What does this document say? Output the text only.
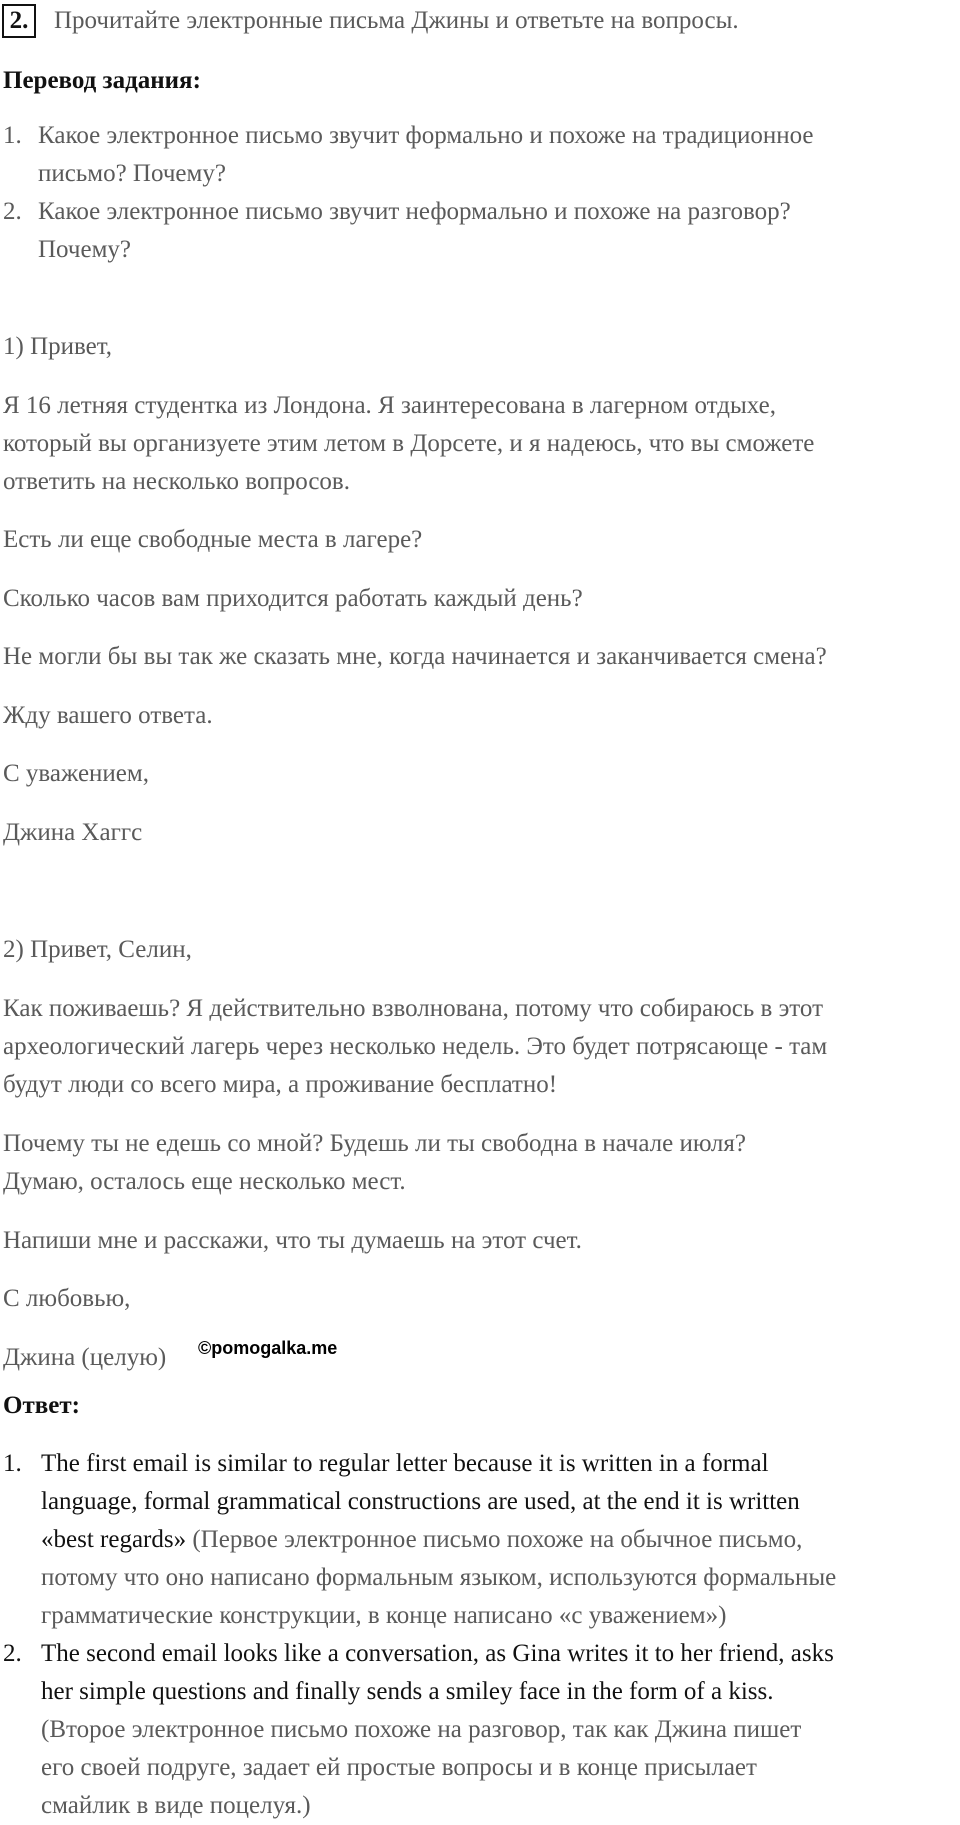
2.	Прочитайте электронные письма Джины и ответьте на вопросы.
Перевод задания:
1. Какое электронное письмо звучит формально и похоже на традиционное
письмо? Почему?
2. Какое электронное письмо звучит неформально и похоже на разговор?
Почему?
1) Привет,
Я 16 летняя студентка из Лондона. Я заинтересована в лагерном отдыхе,
который вы организуете этим летом в Дорсете, и я надеюсь, что вы сможете
ответить на несколько вопросов.
Есть ли еще свободные места в лагере?
Сколько часов вам приходится работать каждый день?
Не могли бы вы так же сказать мне, когда начинается и заканчивается смена?
Жду вашего ответа.
С уважением,
Джина Хаггс
2) Привет, Селин,
Как поживаешь? Я действительно взволнована, потому что собираюсь в этот
археологический лагерь через несколько недель. Это будет потрясающе - там
будут люди со всего мира, а проживание бесплатно!
Почему ты не едешь со мной? Будешь ли ты свободна в начале июля?
Думаю, осталось еще несколько мест.
Напиши мне и расскажи, что ты думаешь на этот счет.
С любовью,
Джина (целую) ©pomogalka.me
Ответ:
1. The first email is similar to regular letter because it is written in a formal
language, formal grammatical constructions are used, at the end it is written
«best regards» (Первое электронное письмо похоже на обычное письмо,
потому что оно написано формальным языком, используются формальные
грамматические конструкции, в конце написано «с уважением»)
2. The second email looks like a conversation, as Gina writes it to her friend, asks
her simple questions and finally sends a smiley face in the form of a kiss.
(Второе электронное письмо похоже на разговор, так как Джина пишет
его своей подруге, задает ей простые вопросы и в конце присылает
смайлик в виде поцелуя.)
